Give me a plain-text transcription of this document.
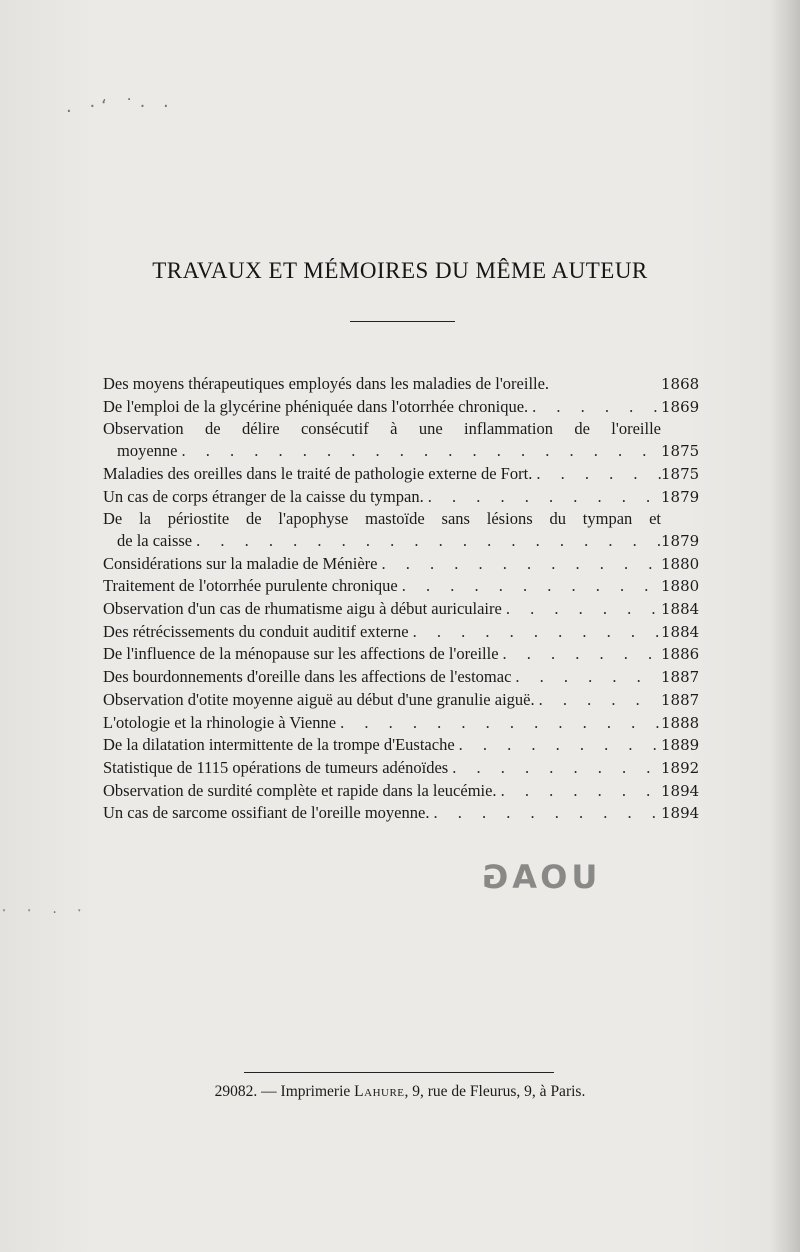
. ·‘ ˙· ·
ˑ ˑ · ˑ
TRAVAUX ET MÉMOIRES DU MÊME AUTEUR
Des moyens thérapeutiques employés dans les maladies de l'oreille.	1868
De l'emploi de la glycérine phéniquée dans l'otorrhée chronique. . . .	1869
Observation de délire consécutif à une inflammation de l'oreille
moyenne . . .	1875
Maladies des oreilles dans le traité de pathologie externe de Fort. . . .	1875
Un cas de corps étranger de la caisse du tympan. . . .	1879
De la périostite de l'apophyse mastoïde sans lésions du tympan et
de la caisse . . .	1879
Considérations sur la maladie de Ménière . . .	1880
Traitement de l'otorrhée purulente chronique . . .	1880
Observation d'un cas de rhumatisme aigu à début auriculaire . . .	1884
Des rétrécissements du conduit auditif externe . . .	1884
De l'influence de la ménopause sur les affections de l'oreille . . .	1886
Des bourdonnements d'oreille dans les affections de l'estomac . . .	1887
Observation d'otite moyenne aiguë au début d'une granulie aiguë. . . .	1887
L'otologie et la rhinologie à Vienne . . .	1888
De la dilatation intermittente de la trompe d'Eustache . . .	1889
Statistique de 1115 opérations de tumeurs adénoïdes . . .	1892
Observation de surdité complète et rapide dans la leucémie. . . .	1894
Un cas de sarcome ossifiant de l'oreille moyenne. . . .	1894
UOAG
29082. — Imprimerie Lahure, 9, rue de Fleurus, 9, à Paris.
